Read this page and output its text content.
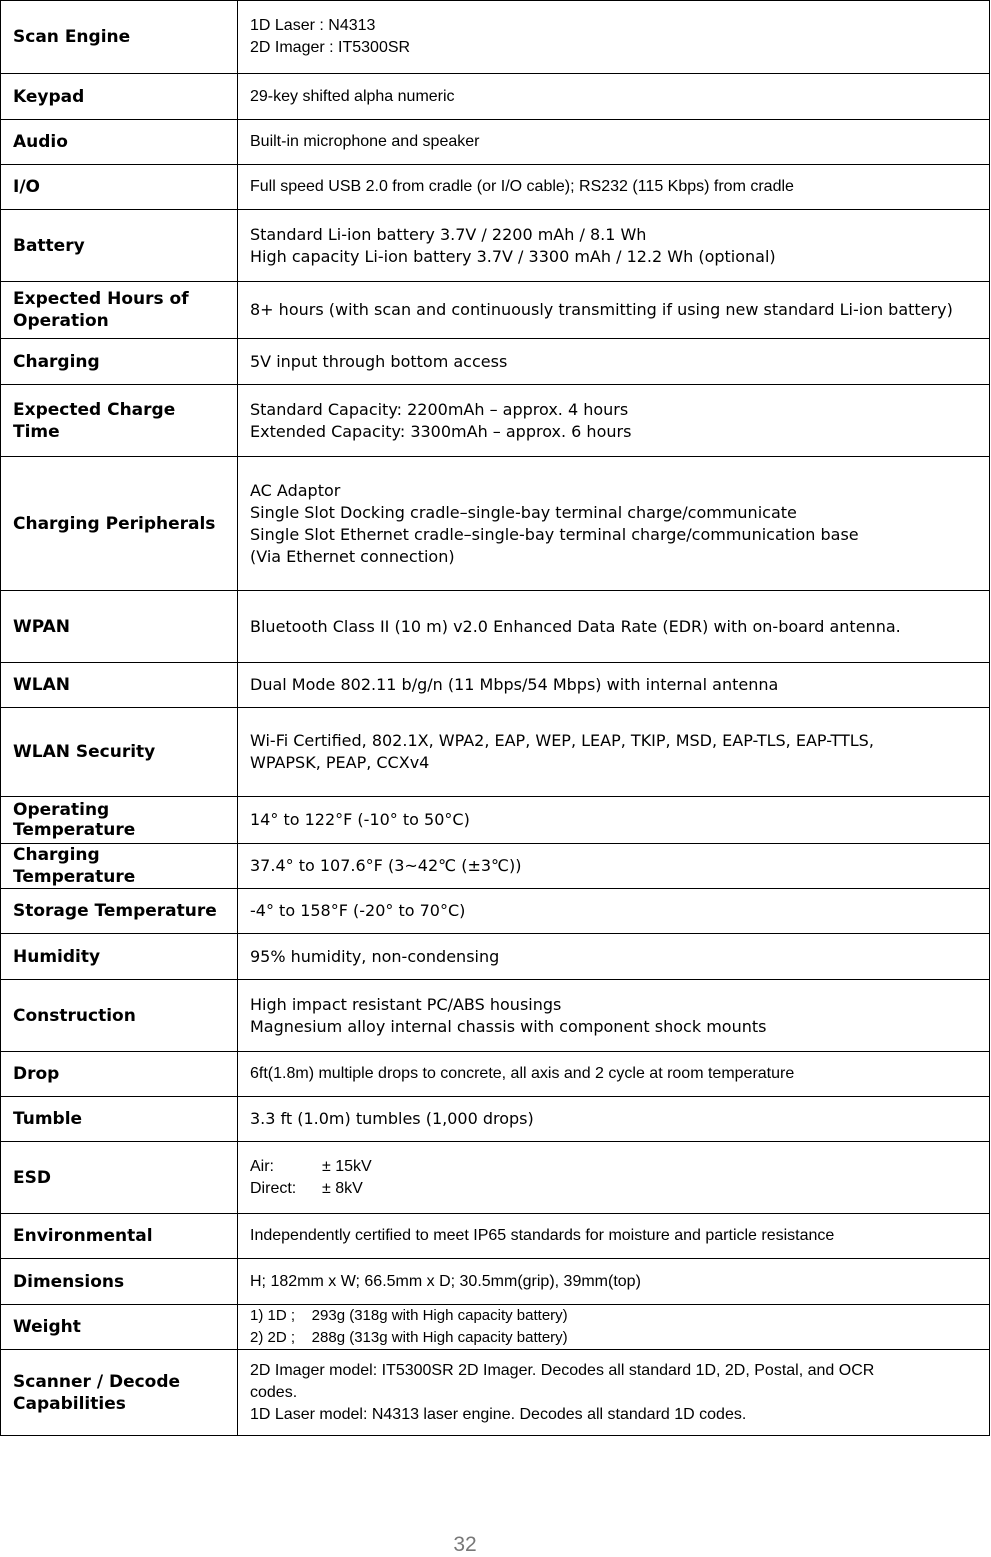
Scan Engine	1D Laser : N4313
2D Imager : IT5300SR

Keypad	29-key shifted alpha numeric

Audio	Built-in microphone and speaker

I/O	Full speed USB 2.0 from cradle (or I/O cable); RS232 (115 Kbps) from cradle

Battery	Standard Li-ion battery 3.7V / 2200 mAh / 8.1 Wh
High capacity Li-ion battery 3.7V / 3300 mAh / 12.2 Wh (optional)

Expected Hours of
Operation	8+ hours (with scan and continuously transmitting if using new standard Li-ion battery)

Charging	5V input through bottom access

Expected Charge Time	Standard Capacity: 2200mAh – approx. 4 hours
Extended Capacity: 3300mAh – approx. 6 hours

Charging Peripherals	AC Adaptor
Single Slot Docking cradle–single-bay terminal charge/communicate
Single Slot Ethernet cradle–single-bay terminal charge/communication base
(Via Ethernet connection)

WPAN	Bluetooth Class II (10 m) v2.0 Enhanced Data Rate (EDR) with on-board antenna.

WLAN	Dual Mode 802.11 b/g/n (11 Mbps/54 Mbps) with internal antenna

WLAN Security	Wi-Fi Certified, 802.1X, WPA2, EAP, WEP, LEAP, TKIP, MSD, EAP-TLS, EAP-TTLS,
WPAPSK, PEAP, CCXv4

Operating
Temperature	14° to 122°F (-10° to 50°C)

Charging Temperature	37.4° to 107.6°F (3~42℃ (±3℃))

Storage Temperature	-4° to 158°F (-20° to 70°C)

Humidity	95% humidity, non-condensing

Construction	High impact resistant PC/ABS housings
Magnesium alloy internal chassis with component shock mounts

Drop	6ft(1.8m) multiple drops to concrete, all axis and 2 cycle at room temperature

Tumble	3.3 ft (1.0m) tumbles (1,000 drops)

ESD	Air: ± 15kV
Direct: ± 8kV

Environmental	Independently certified to meet IP65 standards for moisture and particle resistance

Dimensions	H; 182mm x W; 66.5mm x D; 30.5mm(grip), 39mm(top)

Weight	1) 1D ;    293g (318g with High capacity battery)
2) 2D ;    288g (313g with High capacity battery)

Scanner / Decode
Capabilities	2D Imager model: IT5300SR 2D Imager. Decodes all standard 1D, 2D, Postal, and OCR
codes.
1D Laser model: N4313 laser engine. Decodes all standard 1D codes.
32
